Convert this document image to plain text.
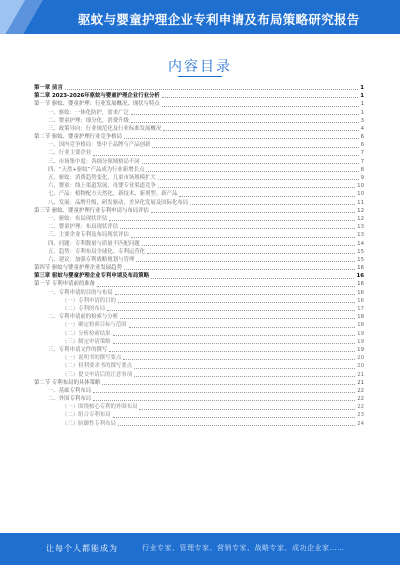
驱蚊与婴童护理企业专利申请及布局策略研究报告
内容目录
第一章 前言	1
第二章 2023-2026年驱蚊与婴童护理企业行业分析	1
第一节 驱蚊、婴童护理：行业发展概况、现状与特点	1
一、驱蚊：一体化防护，需求广泛	1
二、婴童护理：细分化，消费升级	3
三、政策导向：行业规范化及行业标准发展概况	4
第二节 驱蚊、婴童护理行业竞争格局	6
一、国内竞争格局：集中于品牌与产品创新	6
二、行业主要企业	7
三、市场集中度：各细分领域格局不同	7
四、“天然+驱蚊”产品成为行业新增长点	8
五、驱蚊：消费趋势变化，儿童市场规模扩大	9
六、婴童：线上渠道发展，母婴专业渠道竞争	10
七、产品：植物配方天然化，新技术、新剂型、新产品	10
八、发展：品牌升级，研发驱动，差异化发展及国际化布局	11
第三节 驱蚊、婴童护理行业专利申请与布局评估	12
一、驱蚊：布局现状评估	12
二、婴童护理：布局现状评估	13
三、主要企业专利及布局现状评估	13
四、问题：专利数量与质量不匹配问题	14
五、趋势：专利布局全球化、专利运营化	15
六、建议：加强专利战略规划与管理	15
第四节 驱蚊与婴童护理企业发展趋势	16
第三章 驱蚊与婴童护理企业专利申请及布局策略	16
第一节 专利申请前的准备	16
一、专利申请的目的与布局	16
（一）专利申请的目的	16
（二）专利的布局	17
二、专利申请前的检索与分析	18
（一）确定检索目标与范围	18
（二）分析检索结果	19
（三）制定申请策略	19
三、专利申请文件的撰写	19
（一）说明书的撰写要点	20
（二）权利要求书的撰写要点	20
（三）提交申请后的注意事项	21
第二节 专利布局的具体策略	21
一、基础专利布局	22
二、外围专利布局	22
（一）围绕核心专利的外围布局	22
（二）组合专利布局	23
（三）防御性专利布局	24
让每个人都能成为	行业专家、管理专家、营销专家、战略专家、成功企业家……
